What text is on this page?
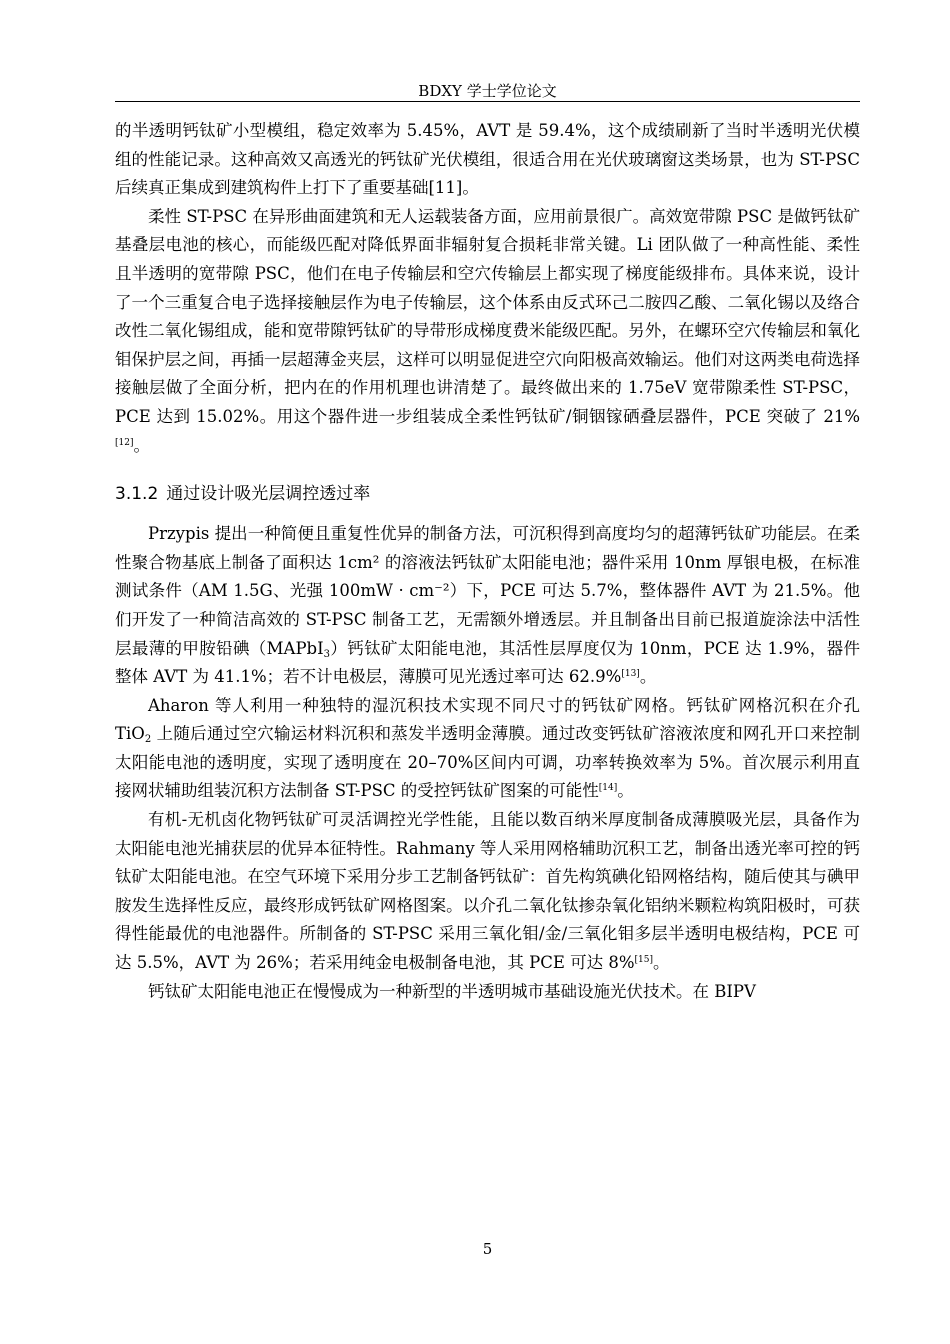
BDXY 学士学位论文

的半透明钙钛矿小型模组，稳定效率为 5.45%，AVT 是 59.4%，这个成绩刷新了当时半透明光伏模组的性能记录。这种高效又高透光的钙钛矿光伏模组，很适合用在光伏玻璃窗这类场景，也为 ST-PSC 后续真正集成到建筑构件上打下了重要基础[11]。

柔性 ST-PSC 在异形曲面建筑和无人运载装备方面，应用前景很广。高效宽带隙 PSC 是做钙钛矿基叠层电池的核心，而能级匹配对降低界面非辐射复合损耗非常关键。Li 团队做了一种高性能、柔性且半透明的宽带隙 PSC，他们在电子传输层和空穴传输层上都实现了梯度能级排布。具体来说，设计了一个三重复合电子选择接触层作为电子传输层，这个体系由反式环己二胺四乙酸、二氧化锡以及络合改性二氧化锡组成，能和宽带隙钙钛矿的导带形成梯度费米能级匹配。另外，在螺环空穴传输层和氧化钼保护层之间，再插一层超薄金夹层，这样可以明显促进空穴向阳极高效输运。他们对这两类电荷选择接触层做了全面分析，把内在的作用机理也讲清楚了。最终做出来的 1.75eV 宽带隙柔性 ST-PSC，PCE 达到 15.02%。用这个器件进一步组装成全柔性钙钛矿/铜铟镓硒叠层器件，PCE 突破了 21%[12]。

3.1.2 通过设计吸光层调控透过率

Przypis 提出一种简便且重复性优异的制备方法，可沉积得到高度均匀的超薄钙钛矿功能层。在柔性聚合物基底上制备了面积达 1cm² 的溶液法钙钛矿太阳能电池；器件采用 10nm 厚银电极，在标准测试条件（AM 1.5G、光强 100mW · cm⁻²）下，PCE 可达 5.7%，整体器件 AVT 为 21.5%。他们开发了一种简洁高效的 ST-PSC 制备工艺，无需额外增透层。并且制备出目前已报道旋涂法中活性层最薄的甲胺铅碘（MAPbI$_3$）钙钛矿太阳能电池，其活性层厚度仅为 10nm，PCE 达 1.9%，器件整体 AVT 为 41.1%；若不计电极层，薄膜可见光透过率可达 62.9%[13]。

Aharon 等人利用一种独特的湿沉积技术实现不同尺寸的钙钛矿网格。钙钛矿网格沉积在介孔 TiO$_2$ 上随后通过空穴输运材料沉积和蒸发半透明金薄膜。通过改变钙钛矿溶液浓度和网孔开口来控制太阳能电池的透明度，实现了透明度在 20–70%区间内可调，功率转换效率为 5%。首次展示利用直接网状辅助组装沉积方法制备 ST-PSC 的受控钙钛矿图案的可能性[14]。

有机-无机卤化物钙钛矿可灵活调控光学性能，且能以数百纳米厚度制备成薄膜吸光层，具备作为太阳能电池光捕获层的优异本征特性。Rahmany 等人采用网格辅助沉积工艺，制备出透光率可控的钙钛矿太阳能电池。在空气环境下采用分步工艺制备钙钛矿：首先构筑碘化铅网格结构，随后使其与碘甲胺发生选择性反应，最终形成钙钛矿网格图案。以介孔二氧化钛掺杂氧化铝纳米颗粒构筑阳极时，可获得性能最优的电池器件。所制备的 ST-PSC 采用三氧化钼/金/三氧化钼多层半透明电极结构，PCE 可达 5.5%，AVT 为 26%；若采用纯金电极制备电池，其 PCE 可达 8%[15]。

钙钛矿太阳能电池正在慢慢成为一种新型的半透明城市基础设施光伏技术。在 BIPV

5
